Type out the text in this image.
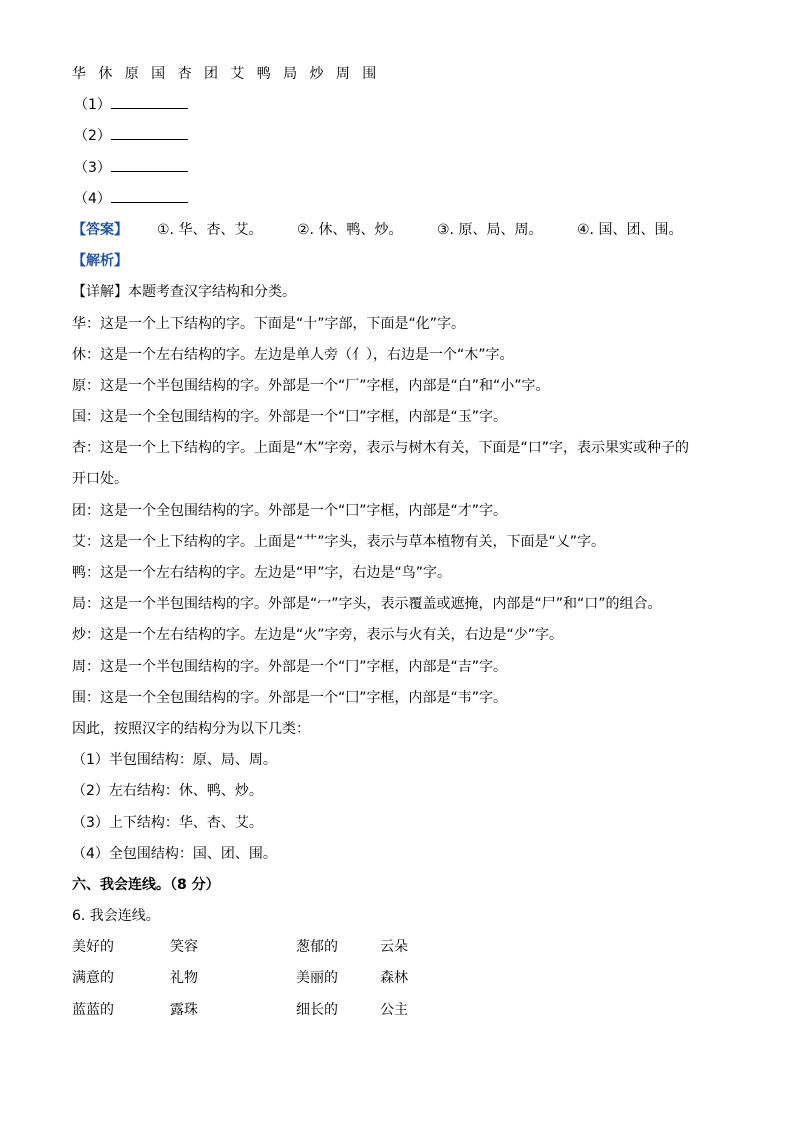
华 休 原 国 杏 团 艾 鸭 局 炒 周 围
（1）
（2）
（3）
（4）
【答案】 ①. 华、杏、艾。 ②. 休、鸭、炒。 ③. 原、局、周。 ④. 国、团、围。
【解析】
【详解】本题考查汉字结构和分类。
华：这是一个上下结构的字。下面是“十”字部，下面是“化”字。
休：这是一个左右结构的字。左边是单人旁（亻），右边是一个“木”字。
原：这是一个半包围结构的字。外部是一个“厂”字框，内部是“白”和“小”字。
国：这是一个全包围结构的字。外部是一个“囗”字框，内部是“玉”字。
杏：这是一个上下结构的字。上面是“木”字旁，表示与树木有关，下面是“口”字，表示果实或种子的
开口处。
团：这是一个全包围结构的字。外部是一个“囗”字框，内部是“才”字。
艾：这是一个上下结构的字。上面是“艹”字头，表示与草本植物有关，下面是“乂”字。
鸭：这是一个左右结构的字。左边是“甲”字，右边是“鸟”字。
局：这是一个半包围结构的字。外部是“冖”字头，表示覆盖或遮掩，内部是“尸”和“口”的组合。
炒：这是一个左右结构的字。左边是“火”字旁，表示与火有关，右边是“少”字。
周：这是一个半包围结构的字。外部是一个“冂”字框，内部是“吉”字。
围：这是一个全包围结构的字。外部是一个“囗”字框，内部是“韦”字。
因此，按照汉字的结构分为以下几类：
（1）半包围结构：原、局、周。
（2）左右结构：休、鸭、炒。
（3）上下结构：华、杏、艾。
（4）全包围结构：国、团、围。
六、我会连线。（8 分）
6. 我会连线。
美好的	笑容	葱郁的	云朵
满意的	礼物	美丽的	森林
蓝蓝的	露珠	细长的	公主
